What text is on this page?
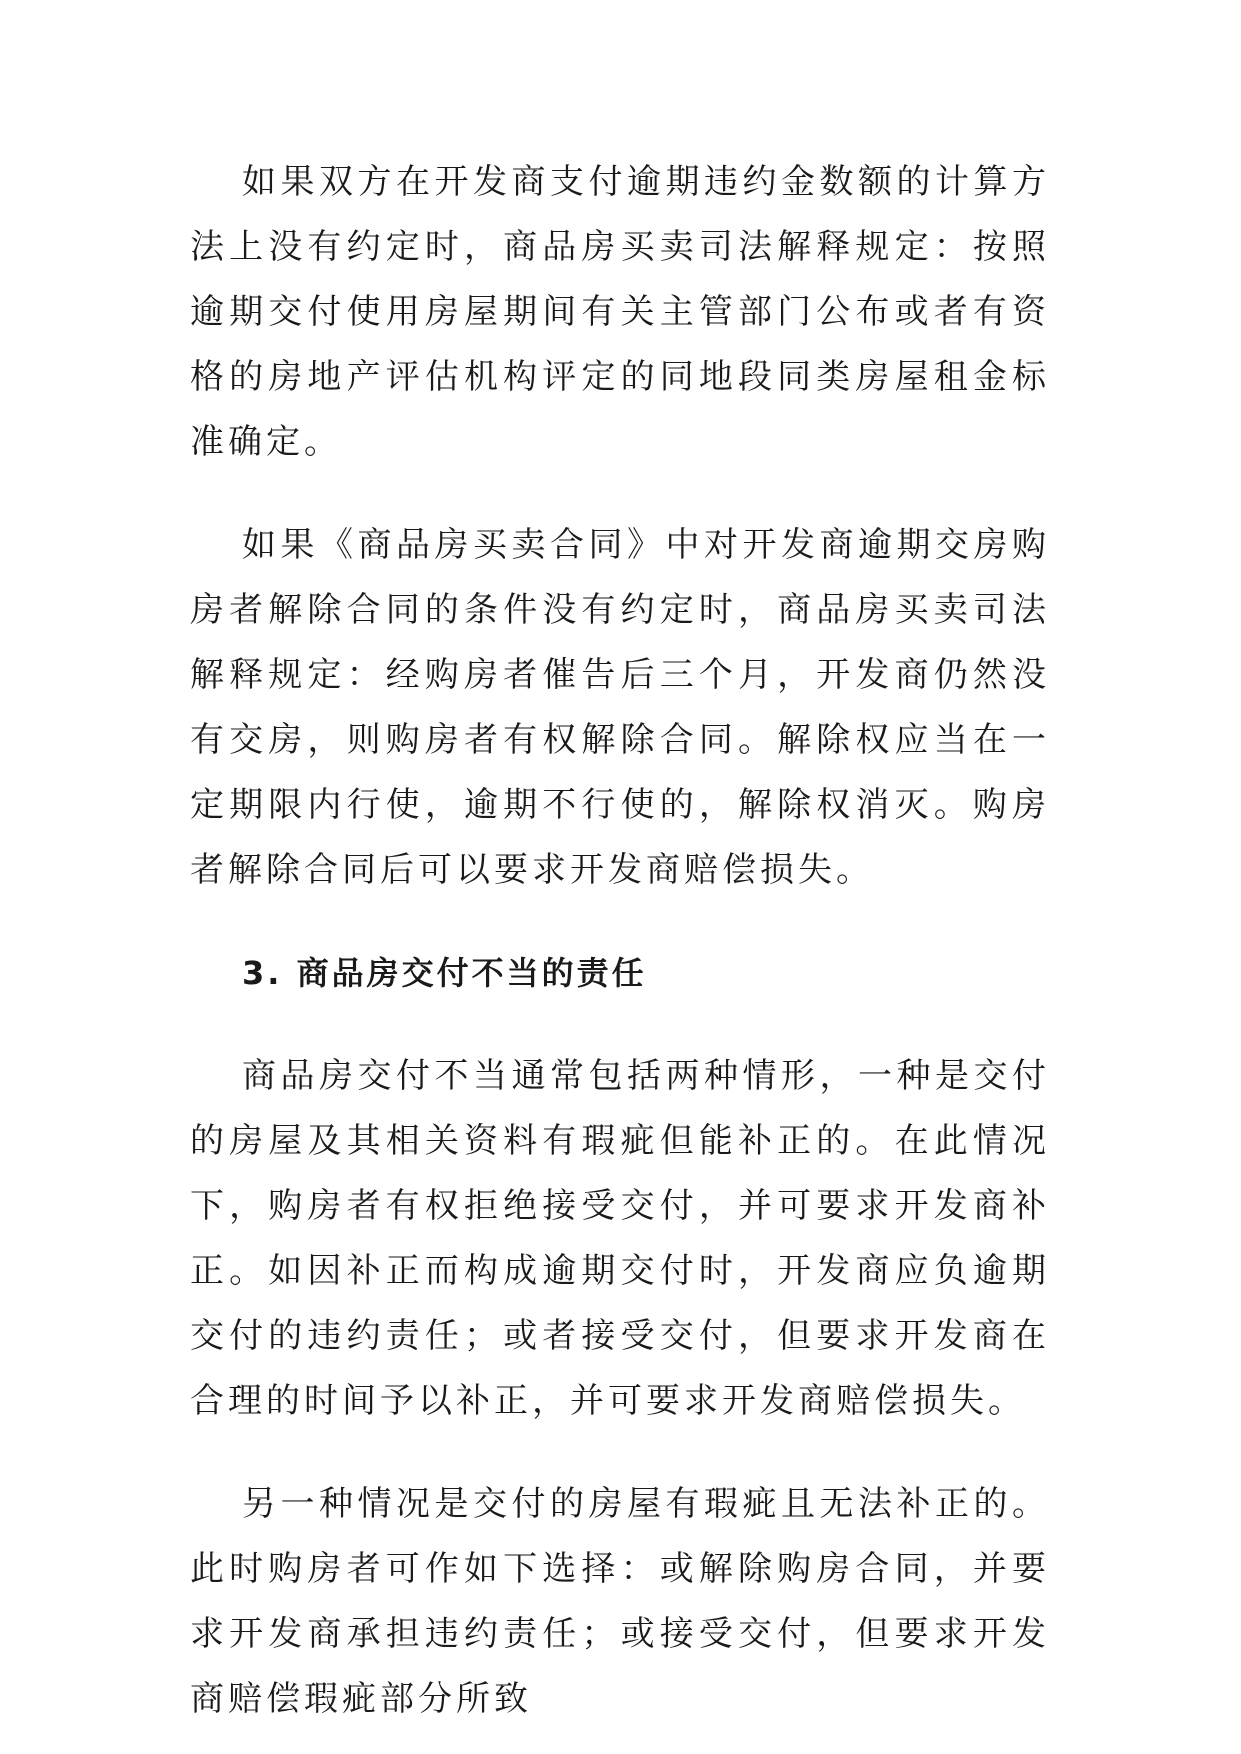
如果双方在开发商支付逾期违约金数额的计算方法上没有约定时，商品房买卖司法解释规定：按照逾期交付使用房屋期间有关主管部门公布或者有资格的房地产评估机构评定的同地段同类房屋租金标准确定。

如果《商品房买卖合同》中对开发商逾期交房购房者解除合同的条件没有约定时，商品房买卖司法解释规定：经购房者催告后三个月，开发商仍然没有交房，则购房者有权解除合同。解除权应当在一定期限内行使，逾期不行使的，解除权消灭。购房者解除合同后可以要求开发商赔偿损失。

3. 商品房交付不当的责任

商品房交付不当通常包括两种情形，一种是交付的房屋及其相关资料有瑕疵但能补正的。在此情况下，购房者有权拒绝接受交付，并可要求开发商补正。如因补正而构成逾期交付时，开发商应负逾期交付的违约责任；或者接受交付，但要求开发商在合理的时间予以补正，并可要求开发商赔偿损失。

另一种情况是交付的房屋有瑕疵且无法补正的。此时购房者可作如下选择：或解除购房合同，并要求开发商承担违约责任；或接受交付，但要求开发商赔偿瑕疵部分所致
